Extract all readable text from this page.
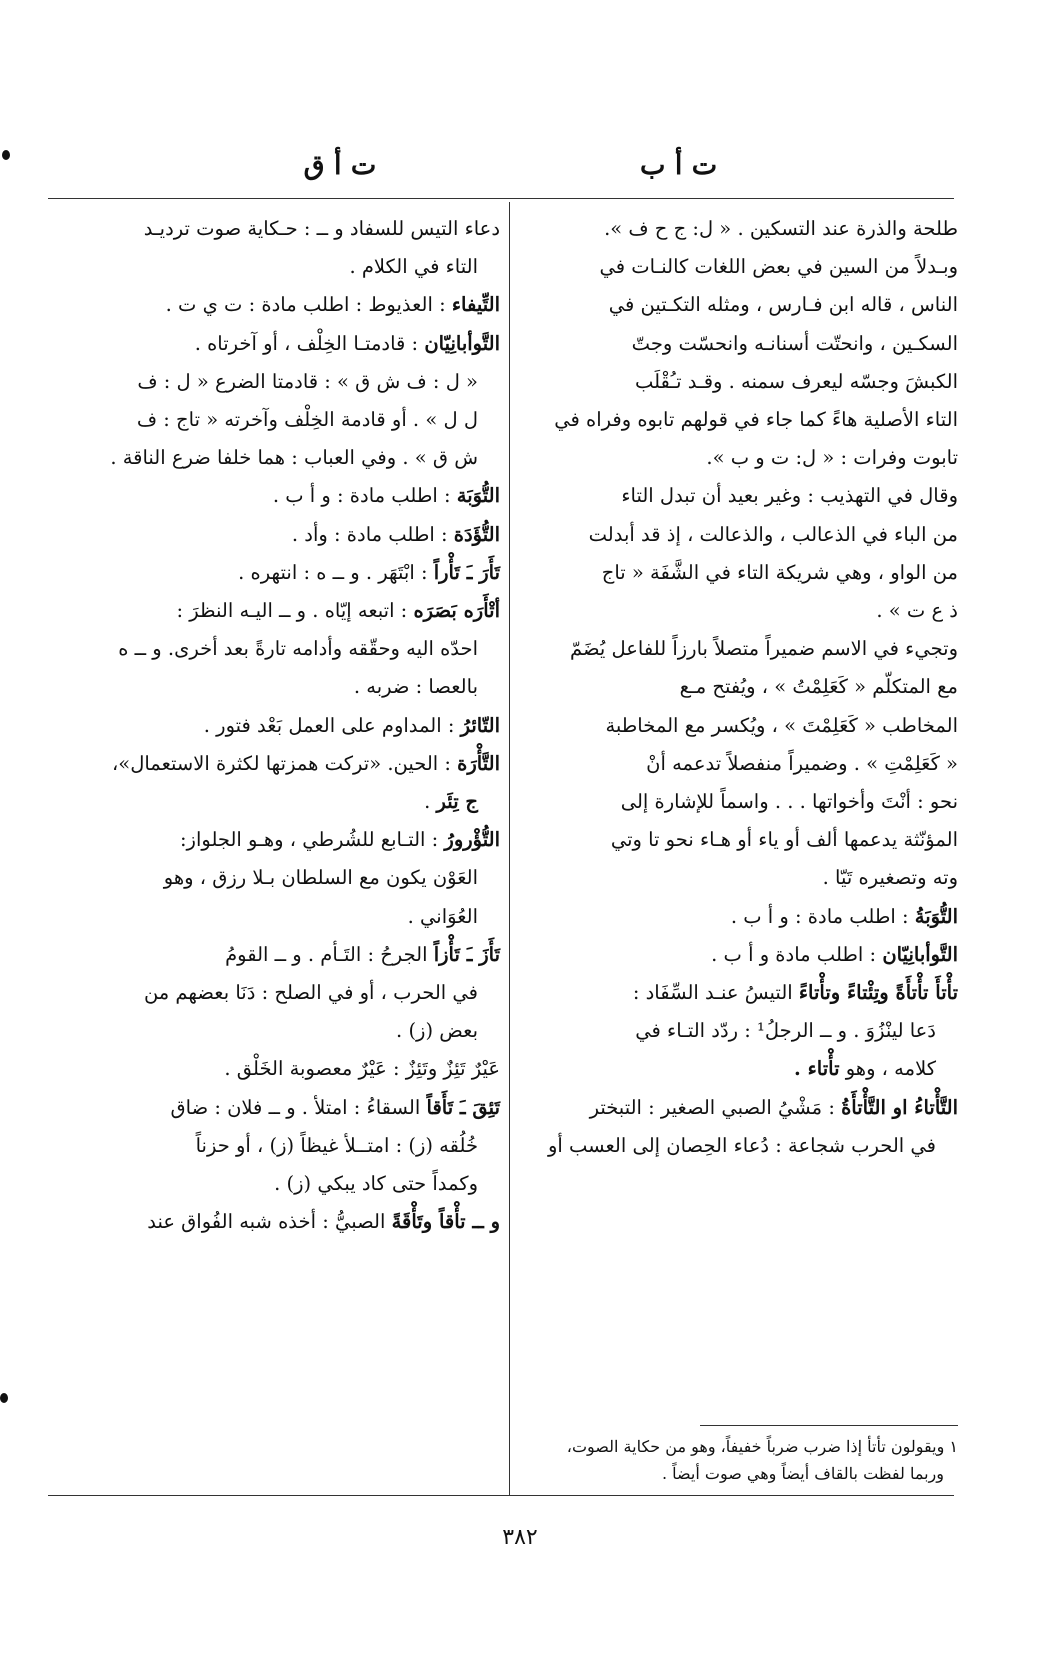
ت أ ب
ت أ ق

طلحة والذرة عند التسكين . « ل: ج ح ف ».

وبـدلاً من السين في بعض اللغات كالنـات في

الناس ، قاله ابن فـارس ، ومثله التكـتين في

السكـين ، وانحتّت أسنانـه وانحسّت وجتّ

الكبشَ وجسّه ليعرف سمنه . وقـد تـُقْلَب

التاء الأصلية هاءً كما جاء في قولهم تابوه وفراه في

تابوت وفرات : « ل: ت و ب ».

وقال في التهذيب : وغير بعيد أن تبدل التاء

من الباء في الذعالب ، والذعالت ، إذ قد أبدلت

من الواو ، وهي شريكة التاء في الشَّفَة « تاج

ذ ع ت » .

وتجيء في الاسم ضميراً متصلاً بارزاً للفاعل يُضَمّ

مع المتكلّم « كَعَلِمْتُ » ، ويُفتح مـع

المخاطب « كَعَلِمْتَ » ، ويُكسر مع المخاطبة

« كَعَلِمْتِ » . وضميراً منفصلاً تدعمه أنْ

نحو : أنْتَ وأخواتها . . . واسماً للإشارة إلى

المؤنّثة يدعمها ألف أو ياء أو هـاء نحو تا وتي

وته وتصغيره تَيّا .

التُّوَبَةُ : اطلب مادة : و أ ب .

التَّوأبانِيّان : اطلب مادة و أ ب .

تأْتأَ تأْتأَةً وتِئْتاءً وتأْتاءً التيسُ عنـد السِّفَاد :

دَعا لينْزُوَ . و ــ الرجلُ¹ : ردّد التـاء في

كلامه ، وهو تأْتاء .

التَّأْتاءُ او التَّأْتأَةُ : مَشْيُ الصبي الصغير : التبختر

في الحرب شجاعة : دُعاء الحِصان إلى العسب أو

١ ويقولون تأتأ إذا ضرب ضرباً خفيفاً، وهو من حكاية الصوت،

وربما لفظت بالقاف أيضاً وهي صوت أيضاً .

دعاء التيس للسفاد و ــ : حـكاية صوت ترديـد

التاء في الكلام .

التِّيفاء : العذيوط : اطلب مادة : ت ي ت .

التَّوأبانِيّان : قادمتـا الخِلْف ، أو آخرتاه .

« ل : ف ش ق » : قادمتا الضرع « ل : ف

ل ل » . أو قادمة الخِلْف وآخرته « تاج : ف

ش ق » . وفي العباب : هما خلفا ضرع الناقة .

التُّوَبَة : اطلب مادة : و أ ب .

التُّؤَدَة : اطلب مادة : وأد .

تَأَرَ ـَ تَأْراً : ابْتَهَر . و ــ ه : انتهره .

أتْأَرَه بَصَرَه : اتبعه إيّاه . و ــ اليـه النظرَ :

احدّه اليه وحقّقه وأدامه تارةً بعد أخرى. و ــ ه

بالعصا : ضربه .

التّائرُ : المداوم على العمل بَعْد فتور .

التَّأْرَة : الحين. «تركت همزتها لكثرة الاستعمال»،

ج تِئَر .

التُّؤْرورُ : التـابع للشُرطي ، وهـو الجلواز:

العَوْن يكون مع السلطان بـلا رزق ، وهو

العُوَاني .

تَأَزَ ـَ تَأْزاً الجرحُ : التَـأم . و ــ القومُ

في الحرب ، أو في الصلح : دَنَا بعضهم من

بعض (ز) .

عَيْرٌ تَئِزٌ وتَئِزٌ : عَيْرٌ معصوبة الخَلْق .

تَئِقَ ـَ تَأَقاً السقاءُ : امتلأ . و ــ فلان : ضاق

خُلُقه (ز) : امتــلأ غيظاً (ز) ، أو حزناً

وكمداً حتى كاد يبكي (ز) .

و ــ تأْقاً وتَأْقَةً الصبيُّ : أخذه شبه الفُواق عند

٣٨٢
